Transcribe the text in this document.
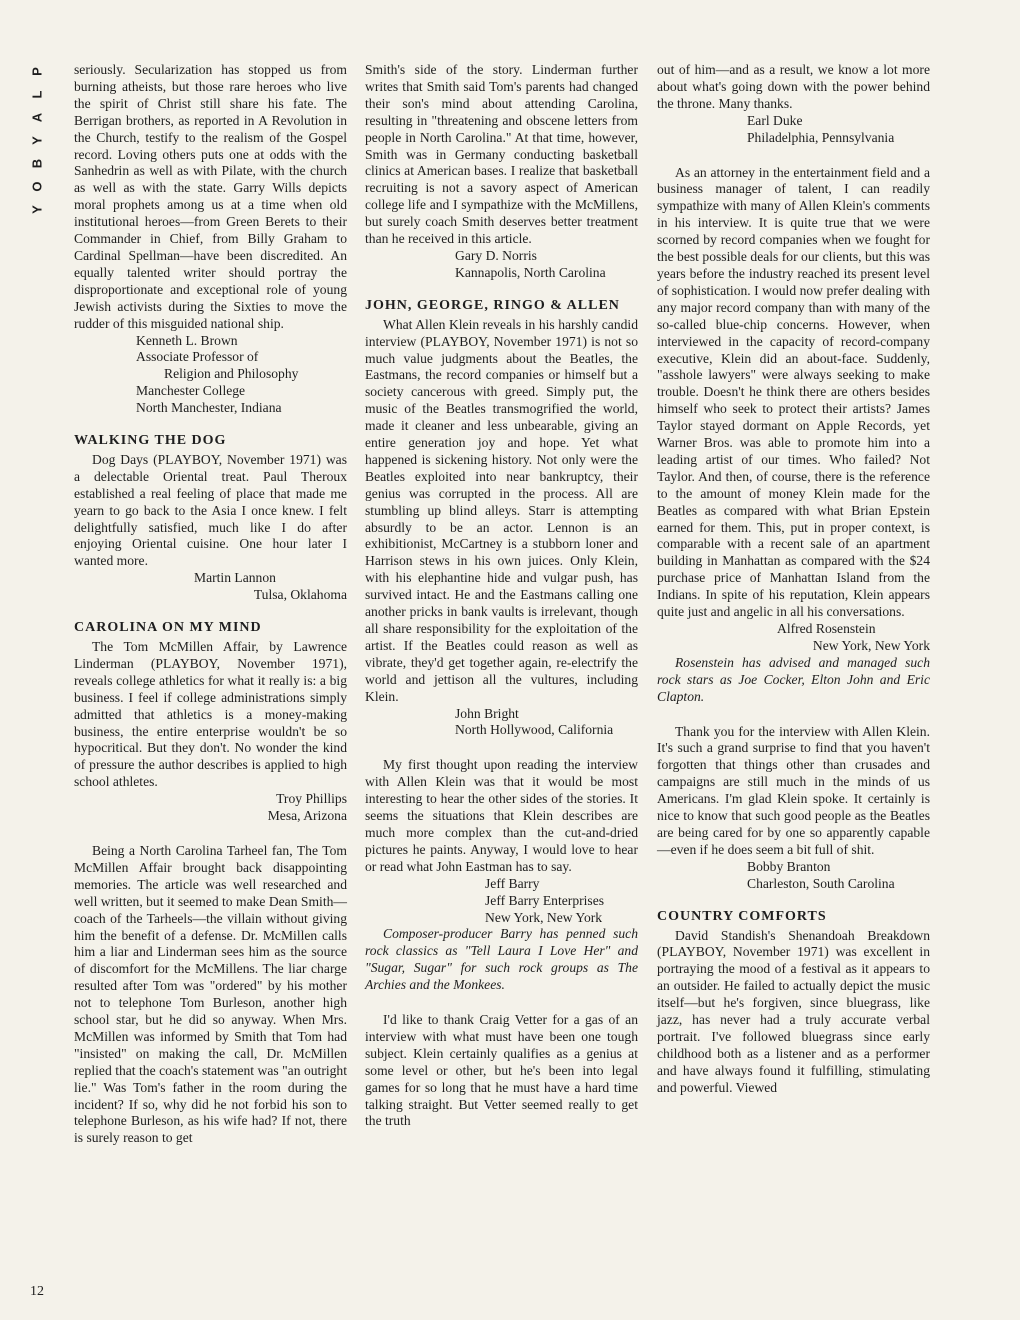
P
L
A
Y
B
O
Y
12

seriously. Secularization has stopped us from burning atheists, but those rare heroes who live the spirit of Christ still share his fate. The Berrigan brothers, as reported in A Revolution in the Church, testify to the realism of the Gospel record. Loving others puts one at odds with the Sanhedrin as well as with Pilate, with the church as well as with the state. Garry Wills depicts moral prophets among us at a time when old institutional heroes—from Green Berets to their Commander in Chief, from Billy Graham to Cardinal Spellman—have been discredited. An equally talented writer should portray the disproportionate and exceptional role of young Jewish activists during the Sixties to move the rudder of this misguided national ship.

Kenneth L. Brown
Associate Professor of
Religion and Philosophy
Manchester College
North Manchester, Indiana
WALKING THE DOG

Dog Days (PLAYBOY, November 1971) was a delectable Oriental treat. Paul Theroux established a real feeling of place that made me yearn to go back to the Asia I once knew. I felt delightfully satisfied, much like I do after enjoying Oriental cuisine. One hour later I wanted more.

Martin Lannon
Tulsa, Oklahoma
CAROLINA ON MY MIND

The Tom McMillen Affair, by Lawrence Linderman (PLAYBOY, November 1971), reveals college athletics for what it really is: a big business. I feel if college administrations simply admitted that athletics is a money-making business, the entire enterprise wouldn't be so hypocritical. But they don't. No wonder the kind of pressure the author describes is applied to high school athletes.

Troy Phillips
Mesa, Arizona

Being a North Carolina Tarheel fan, The Tom McMillen Affair brought back disappointing memories. The article was well researched and well written, but it seemed to make Dean Smith—coach of the Tarheels—the villain without giving him the benefit of a defense. Dr. McMillen calls him a liar and Linderman sees him as the source of discomfort for the McMillens. The liar charge resulted after Tom was "ordered" by his mother not to telephone Tom Burleson, another high school star, but he did so anyway. When Mrs. McMillen was informed by Smith that Tom had "insisted" on making the call, Dr. McMillen replied that the coach's statement was "an outright lie." Was Tom's father in the room during the incident? If so, why did he not forbid his son to telephone Burleson, as his wife had? If not, there is surely reason to get

Smith's side of the story. Linderman further writes that Smith said Tom's parents had changed their son's mind about attending Carolina, resulting in "threatening and obscene letters from people in North Carolina." At that time, however, Smith was in Germany conducting basketball clinics at American bases. I realize that basketball recruiting is not a savory aspect of American college life and I sympathize with the McMillens, but surely coach Smith deserves better treatment than he received in this article.

Gary D. Norris
Kannapolis, North Carolina
JOHN, GEORGE, RINGO & ALLEN

What Allen Klein reveals in his harshly candid interview (PLAYBOY, November 1971) is not so much value judgments about the Beatles, the Eastmans, the record companies or himself but a society cancerous with greed. Simply put, the music of the Beatles transmogrified the world, made it cleaner and less unbearable, giving an entire generation joy and hope. Yet what happened is sickening history. Not only were the Beatles exploited into near bankruptcy, their genius was corrupted in the process. All are stumbling up blind alleys. Starr is attempting absurdly to be an actor. Lennon is an exhibitionist, McCartney is a stubborn loner and Harrison stews in his own juices. Only Klein, with his elephantine hide and vulgar push, has survived intact. He and the Eastmans calling one another pricks in bank vaults is irrelevant, though all share responsibility for the exploitation of the artist. If the Beatles could reason as well as vibrate, they'd get together again, re-electrify the world and jettison all the vultures, including Klein.

John Bright
North Hollywood, California

My first thought upon reading the interview with Allen Klein was that it would be most interesting to hear the other sides of the stories. It seems the situations that Klein describes are much more complex than the cut-and-dried pictures he paints. Anyway, I would love to hear or read what John Eastman has to say.

Jeff Barry
Jeff Barry Enterprises
New York, New York

Composer-producer Barry has penned such rock classics as "Tell Laura I Love Her" and "Sugar, Sugar" for such rock groups as The Archies and the Monkees.

I'd like to thank Craig Vetter for a gas of an interview with what must have been one tough subject. Klein certainly qualifies as a genius at some level or other, but he's been into legal games for so long that he must have a hard time talking straight. But Vetter seemed really to get the truth

out of him—and as a result, we know a lot more about what's going down with the power behind the throne. Many thanks.

Earl Duke
Philadelphia, Pennsylvania

As an attorney in the entertainment field and a business manager of talent, I can readily sympathize with many of Allen Klein's comments in his interview. It is quite true that we were scorned by record companies when we fought for the best possible deals for our clients, but this was years before the industry reached its present level of sophistication. I would now prefer dealing with any major record company than with many of the so-called blue-chip concerns. However, when interviewed in the capacity of record-company executive, Klein did an about-face. Suddenly, "asshole lawyers" were always seeking to make trouble. Doesn't he think there are others besides himself who seek to protect their artists? James Taylor stayed dormant on Apple Records, yet Warner Bros. was able to promote him into a leading artist of our times. Who failed? Not Taylor. And then, of course, there is the reference to the amount of money Klein made for the Beatles as compared with what Brian Epstein earned for them. This, put in proper context, is comparable with a recent sale of an apartment building in Manhattan as compared with the $24 purchase price of Manhattan Island from the Indians. In spite of his reputation, Klein appears quite just and angelic in all his conversations.

Alfred Rosenstein
New York, New York

Rosenstein has advised and managed such rock stars as Joe Cocker, Elton John and Eric Clapton.

Thank you for the interview with Allen Klein. It's such a grand surprise to find that you haven't forgotten that things other than crusades and campaigns are still much in the minds of us Americans. I'm glad Klein spoke. It certainly is nice to know that such good people as the Beatles are being cared for by one so apparently capable—even if he does seem a bit full of shit.

Bobby Branton
Charleston, South Carolina
COUNTRY COMFORTS

David Standish's Shenandoah Breakdown (PLAYBOY, November 1971) was excellent in portraying the mood of a festival as it appears to an outsider. He failed to actually depict the music itself—but he's forgiven, since bluegrass, like jazz, has never had a truly accurate verbal portrait. I've followed bluegrass since early childhood both as a listener and as a performer and have always found it fulfilling, stimulating and powerful. Viewed
